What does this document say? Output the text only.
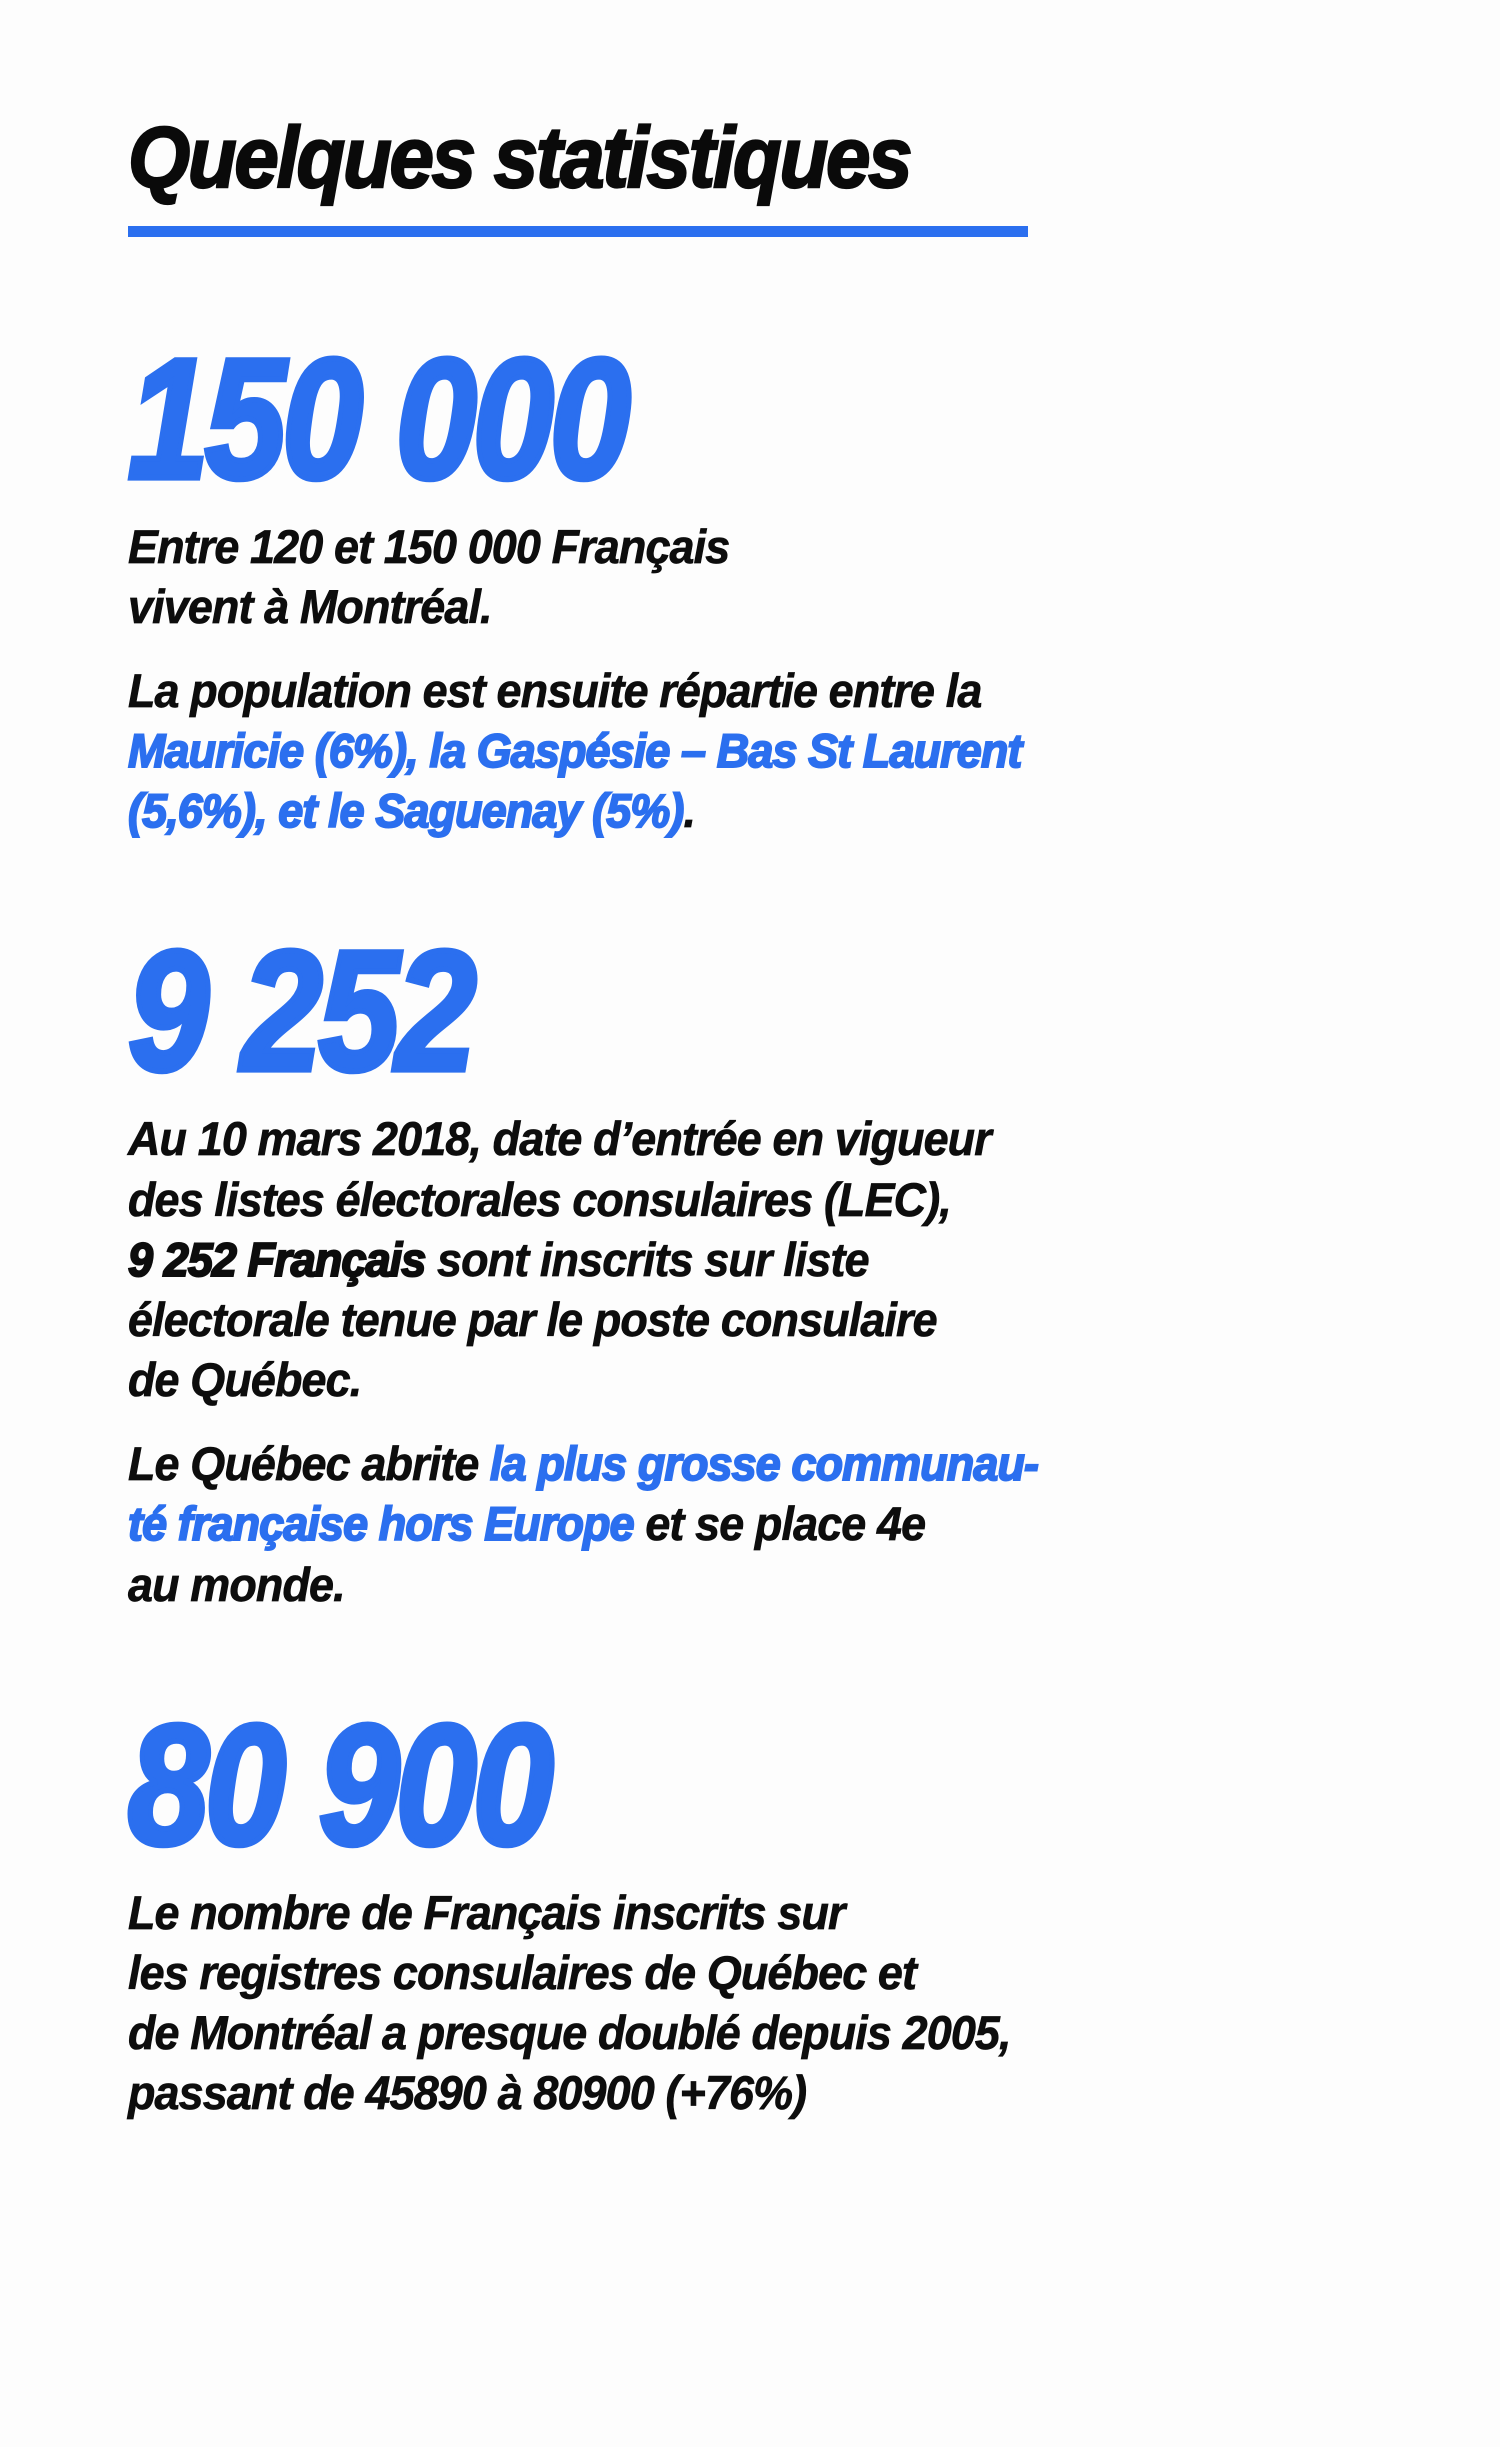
Quelques statistiques
150 000

Entre 120 et 150 000 Français
vivent à Montréal.

La population est ensuite répartie entre la
Mauricie (6%), la Gaspésie – Bas St Laurent
(5,6%), et le Saguenay (5%).

9 252

Au 10 mars 2018, date d’entrée en vigueur
des listes électorales consulaires (LEC),
9 252 Français sont inscrits sur liste
électorale tenue par le poste consulaire
de Québec.

Le Québec abrite la plus grosse communau-
té française hors Europe et se place 4e
au monde.

80 900

Le nombre de Français inscrits sur
les registres consulaires de Québec et
de Montréal a presque doublé depuis 2005,
passant de 45890 à 80900 (+76%)
